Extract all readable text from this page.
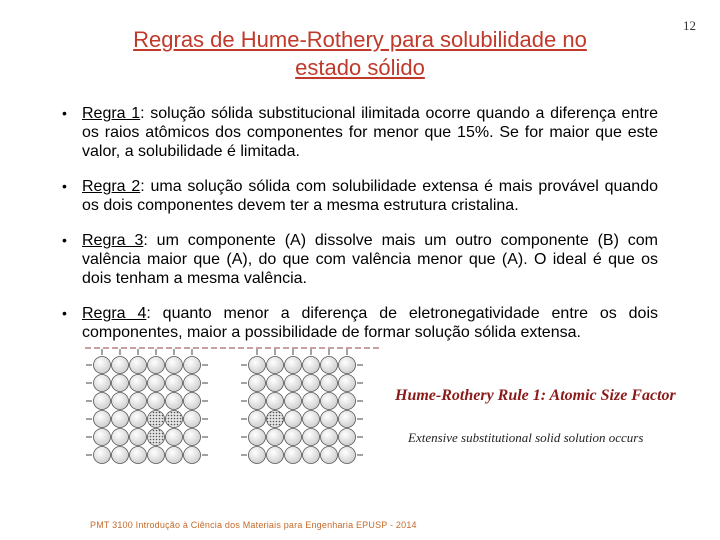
12
Regras de Hume-Rothery para solubilidade no
estado sólido
• Regra 1: solução sólida substitucional ilimitada ocorre quando a diferença entre os raios atômicos dos componentes for menor que 15%. Se for maior que este valor, a solubilidade é limitada.
• Regra 2: uma solução sólida com solubilidade extensa é mais provável quando os dois componentes devem ter a mesma estrutura cristalina.
• Regra 3: um componente (A) dissolve mais um outro componente (B) com valência maior que (A), do que com valência menor que (A). O ideal é que os dois tenham a mesma valência.
• Regra 4: quanto menor a diferença de eletronegatividade entre os dois componentes, maior a possibilidade de formar solução sólida extensa.
Hume-Rothery Rule 1: Atomic Size Factor
Extensive substitutional solid solution occurs
PMT 3100 Introdução à Ciência dos Materiais para Engenharia EPUSP - 2014
